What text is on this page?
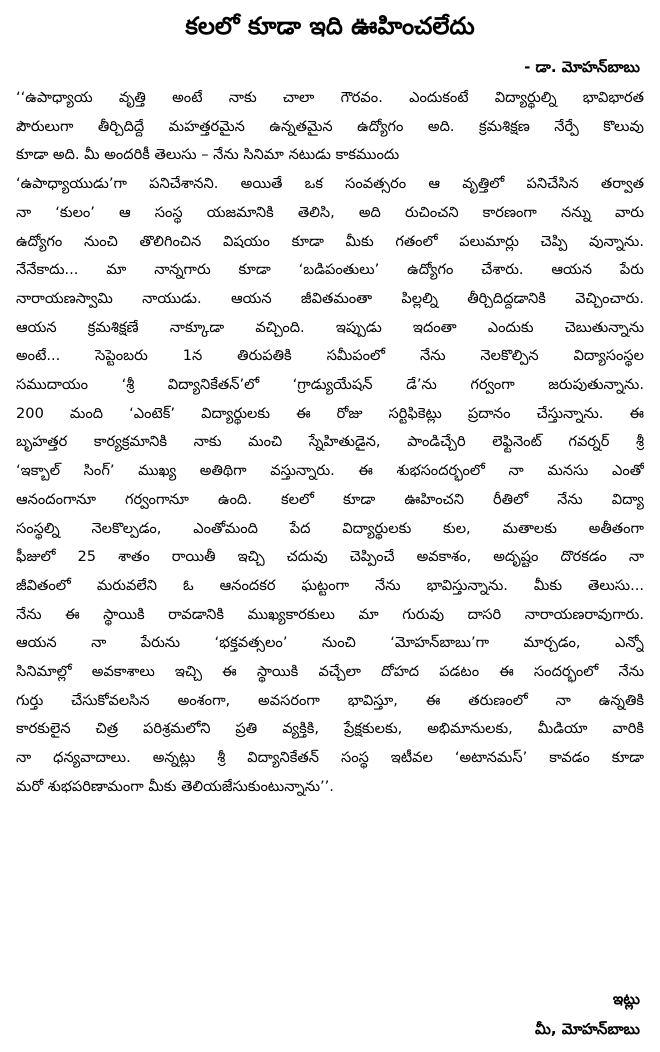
కలలో కూడా ఇది ఊహించలేదు
- డా. మోహన్‌బాబు
‘‘ఉపాధ్యాయ వృత్తి అంటే నాకు చాలా గౌరవం. ఎందుకంటే విద్యార్థుల్ని భావిభారత
పౌరులుగా తీర్చిదిద్దే మహత్తరమైన ఉన్నతమైన ఉద్యోగం అది. క్రమశిక్షణ నేర్పే కొలువు
కూడా అది. మీ అందరికీ తెలుసు – నేను సినిమా నటుడు కాకముందు
‘ఉపాధ్యాయుడు’గా పనిచేశానని. అయితే ఒక సంవత్సరం ఆ వృత్తిలో పనిచేసిన తర్వాత
నా ‘కులం’ ఆ సంస్థ యజమానికి తెలిసి, అది రుచించని కారణంగా నన్ను వారు
ఉద్యోగం నుంచి తొలిగించిన విషయం కూడా మీకు గతంలో పలుమార్లు చెప్పి వున్నాను.
నేనేకాదు... మా నాన్నగారు కూడా ‘బడిపంతులు’ ఉద్యోగం చేశారు. ఆయన పేరు
నారాయణస్వామి నాయుడు. ఆయన జీవితమంతా పిల్లల్ని తీర్చిదిద్దడానికి వెచ్చించారు.
ఆయన క్రమశిక్షణే నాక్కూడా వచ్చింది. ఇప్పుడు ఇదంతా ఎందుకు చెబుతున్నాను
అంటే... సెప్టెంబరు 1న తిరుపతికి సమీపంలో నేను నెలకొల్పిన విద్యాసంస్థల
సముదాయం ‘శ్రీ విద్యానికేతన్’లో ‘గ్రాడ్యుయేషన్ డే’ను గర్వంగా జరుపుతున్నాను.
200 మంది ‘ఎంటెక్’ విద్యార్థులకు ఈ రోజు సర్టిఫికెట్లు ప్రదానం చేస్తున్నాను. ఈ
బృహత్తర కార్యక్రమానికి నాకు మంచి స్నేహితుడైన, పాండిచ్చేరి లెఫ్టినెంట్ గవర్నర్ శ్రీ
‘ఇక్బాల్ సింగ్’ ముఖ్య అతిథిగా వస్తున్నారు. ఈ శుభసందర్భంలో నా మనసు ఎంతో
ఆనందంగానూ గర్వంగానూ ఉంది. కలలో కూడా ఊహించని రీతిలో నేను విద్యా
సంస్థల్ని నెలకొల్పడం, ఎంతోమంది పేద విద్యార్థులకు కుల, మతాలకు అతీతంగా
ఫీజులో 25 శాతం రాయితీ ఇచ్చి చదువు చెప్పించే అవకాశం, అదృష్టం దొరకడం నా
జీవితంలో మరువలేని ఓ ఆనందకర ఘట్టంగా నేను భావిస్తున్నాను. మీకు తెలుసు...
నేను ఈ స్థాయికి రావడానికి ముఖ్యకారకులు మా గురువు దాసరి నారాయణరావుగారు.
ఆయన నా పేరును ‘భక్తవత్సలం’ నుంచి ‘మోహన్‌బాబు’గా మార్చడం, ఎన్నో
సినిమాల్లో అవకాశాలు ఇచ్చి ఈ స్థాయికి వచ్చేలా దోహద పడటం ఈ సందర్భంలో నేను
గుర్తు చేసుకోవలసిన అంశంగా, అవసరంగా భావిస్తూ, ఈ తరుణంలో నా ఉన్నతికి
కారకులైన చిత్ర పరిశ్రమలోని ప్రతి వ్యక్తికి, ప్రేక్షకులకు, అభిమానులకు, మీడియా వారికి
నా ధన్యవాదాలు. అన్నట్లు శ్రీ విద్యానికేతన్ సంస్థ ఇటీవల ‘అటానమస్’ కావడం కూడా
మరో శుభపరిణామంగా మీకు తెలియజేసుకుంటున్నాను’’.
ఇట్లు
మీ, మోహన్‌బాబు
